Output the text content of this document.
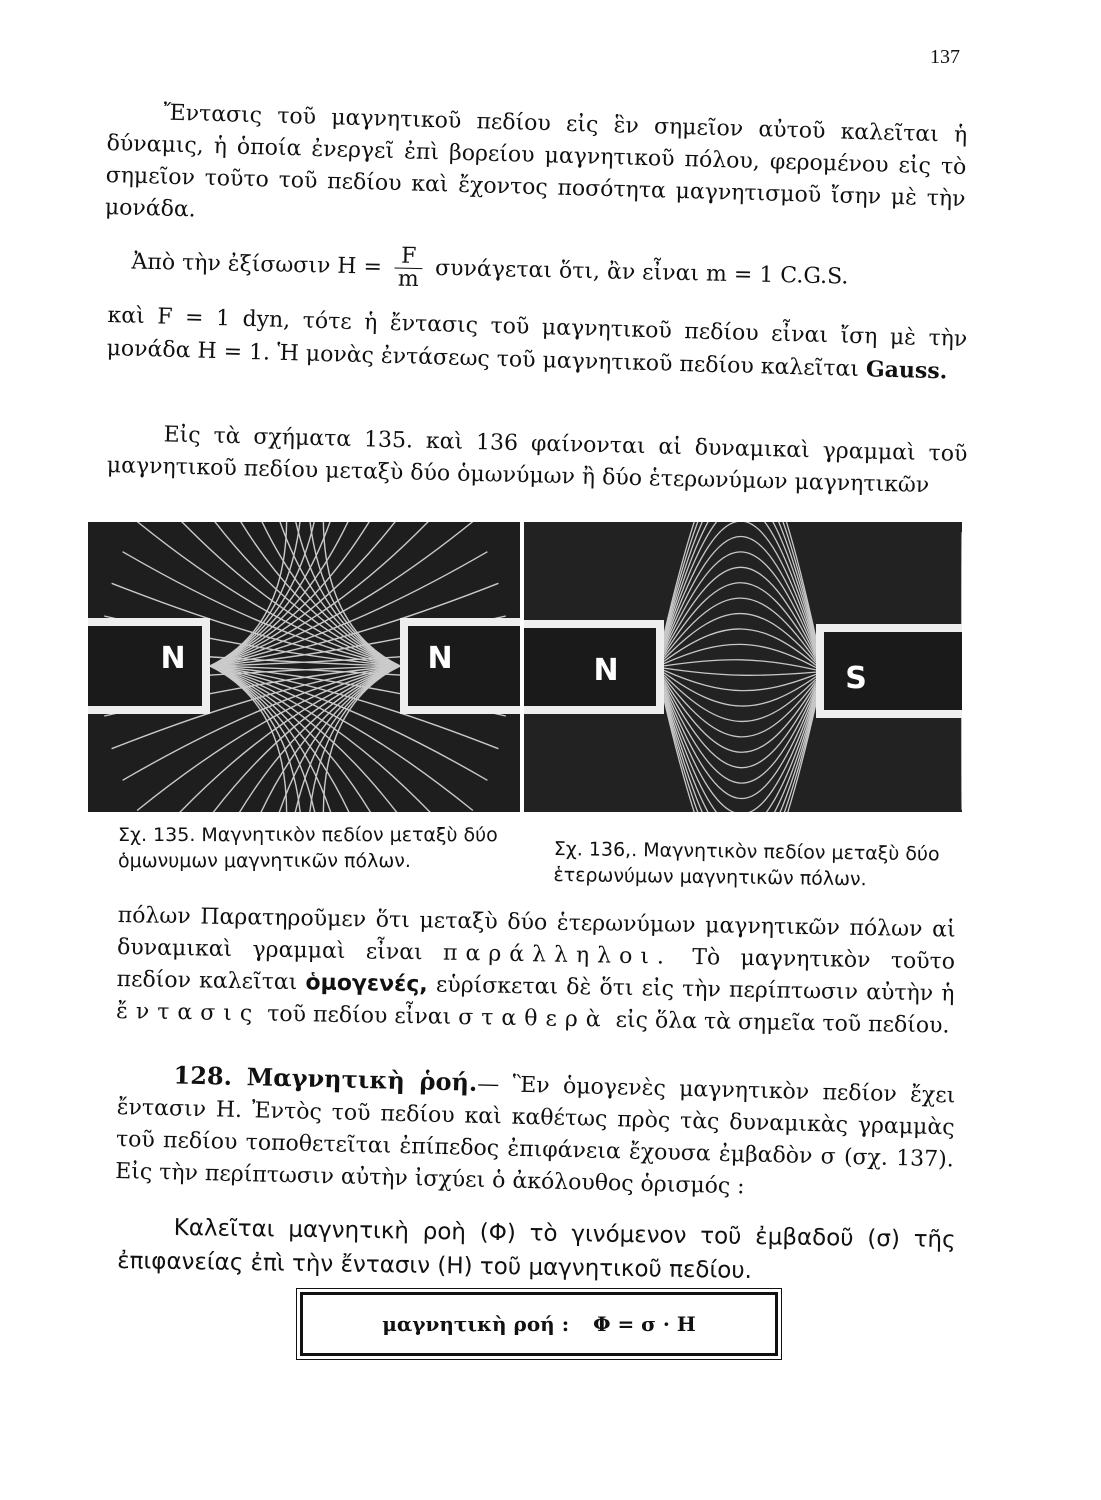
137
Ἔντασις τοῦ μαγνητικοῦ πεδίου εἰς ἓν σημεῖον αὐτοῦ καλεῖται ἡ δύναμις, ἡ ὁποία ἐνεργεῖ ἐπὶ βορείου μαγνητικοῦ πόλου, φερομένου εἰς τὸ σημεῖον τοῦτο τοῦ πεδίου καὶ ἔχοντος ποσότητα μαγνητισμοῦ ἴσην μὲ τὴν μονάδα.
Ἀπὸ τὴν ἐξίσωσιν $H = \frac{F}{m}$ συνάγεται ὅτι, ἂν εἶναι m = 1 C.G.S.
καὶ F = 1 dyn, τότε ἡ ἔντασις τοῦ μαγνητικοῦ πεδίου εἶναι ἴση μὲ τὴν μονάδα Η = 1. Ἡ μονὰς ἐντάσεως τοῦ μαγνητικοῦ πεδίου καλεῖται Gauss.
Εἰς τὰ σχήματα 135. καὶ 136 φαίνονται αἱ δυναμικαὶ γραμμαὶ τοῦ μαγνητικοῦ πεδίου μεταξὺ δύο ὁμωνύμων ἢ δύο ἑτερωνύμων μαγνητικῶν
N	N	N	S
Σχ. 135. Μαγνητικὸν πεδίον μεταξὺ δύο ὁμωνυμων μαγνητικῶν πόλων.	Σχ. 136,. Μαγνητικὸν πεδίον μεταξὺ δύο ἑτερωνύμων μαγνητικῶν πόλων.
πόλων Παρατηροῦμεν ὅτι μεταξὺ δύο ἑτερωνύμων μαγνητικῶν πόλων αἱ δυναμικαὶ γραμμαὶ εἶναι παράλληλοι. Τὸ μαγνητικὸν τοῦτο πεδίον καλεῖται ὁμογενές, εὑρίσκεται δὲ ὅτι εἰς τὴν περίπτωσιν αὐτὴν ἡ ἔντασις τοῦ πεδίου εἶναι σταθερὰ εἰς ὅλα τὰ σημεῖα τοῦ πεδίου.
128. Μαγνητικὴ ῥοή.— Ἓν ὁμογενὲς μαγνητικὸν πεδίον ἔχει ἔντασιν Η. Ἐντὸς τοῦ πεδίου καὶ καθέτως πρὸς τὰς δυναμικὰς γραμμὰς τοῦ πεδίου τοποθετεῖται ἐπίπεδος ἐπιφάνεια ἔχουσα ἐμβαδὸν σ (σχ. 137). Εἰς τὴν περίπτωσιν αὐτὴν ἰσχύει ὁ ἀκόλουθος ὁρισμός :
Καλεῖται μαγνητικὴ ροὴ (Φ) τὸ γινόμενον τοῦ ἐμβαδοῦ (σ) τῆς ἐπιφανείας ἐπὶ τὴν ἔντασιν (Η) τοῦ μαγνητικοῦ πεδίου.
μαγνητικὴ ροή : Φ = σ · Η
